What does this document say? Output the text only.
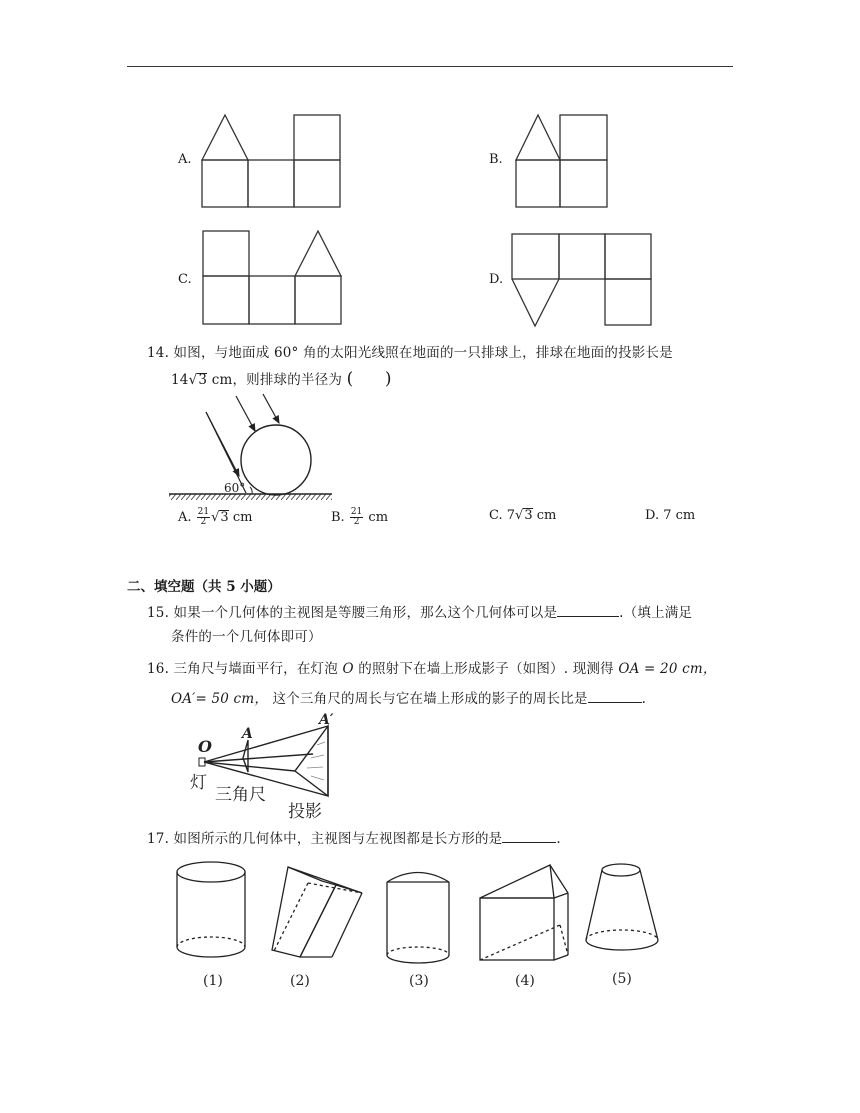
A.	B.
C.	D.
14. 如图，与地面成 60° 角的太阳光线照在地面的一只排球上，排球在地面的投影长是
14√3 cm，则排球的半径为 ( )
60°
A. $\frac{21}{2} √3$ cm	B. $\frac{21}{2}$ cm	C. 7√3 cm	D. 7 cm
二、填空题（共 5 小题）
15. 如果一个几何体的主视图是等腰三角形，那么这个几何体可以是	.（填上满足
条件的一个几何体即可）
16. 三角尺与墙面平行，在灯泡 O 的照射下在墙上形成影子（如图）. 现测得 OA = 20 cm，
OA′= 50 cm， 这个三角尺的周长与它在墙上形成的影子的周长比是	.
O
A
A′
灯
三角尺
投影
17. 如图所示的几何体中，主视图与左视图都是长方形的是	.
(1)	(2)	(3)	(4)	(5)
